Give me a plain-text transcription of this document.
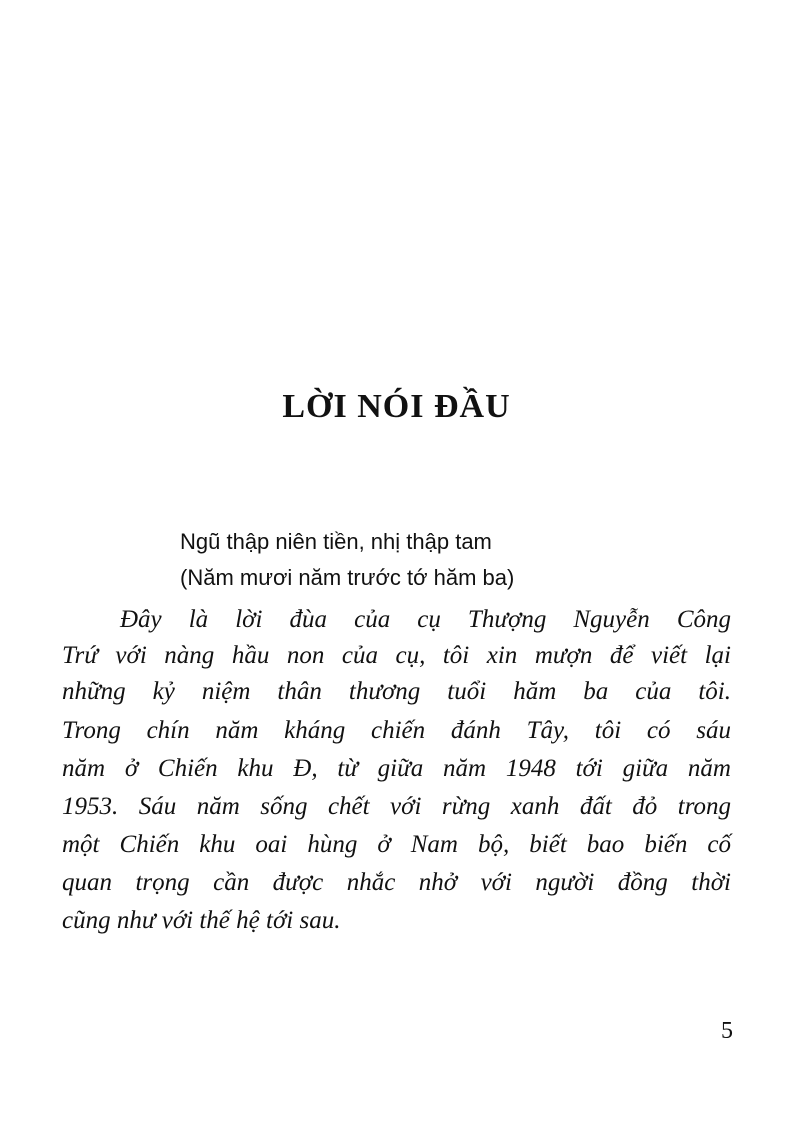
LỜI NÓI ĐẦU

Ngũ thập niên tiền, nhị thập tam

(Năm mươi năm trước tớ hăm ba)

Đây là lời đùa của cụ Thượng Nguyễn Công

Trứ với nàng hầu non của cụ, tôi xin mượn để viết lại

những kỷ niệm thân thương tuổi hăm ba của tôi.

Trong chín năm kháng chiến đánh Tây, tôi có sáu

năm ở Chiến khu Đ, từ giữa năm 1948 tới giữa năm

1953. Sáu năm sống chết với rừng xanh đất đỏ trong

một Chiến khu oai hùng ở Nam bộ, biết bao biến cố

quan trọng cần được nhắc nhở với người đồng thời

cũng như với thế hệ tới sau.

5
